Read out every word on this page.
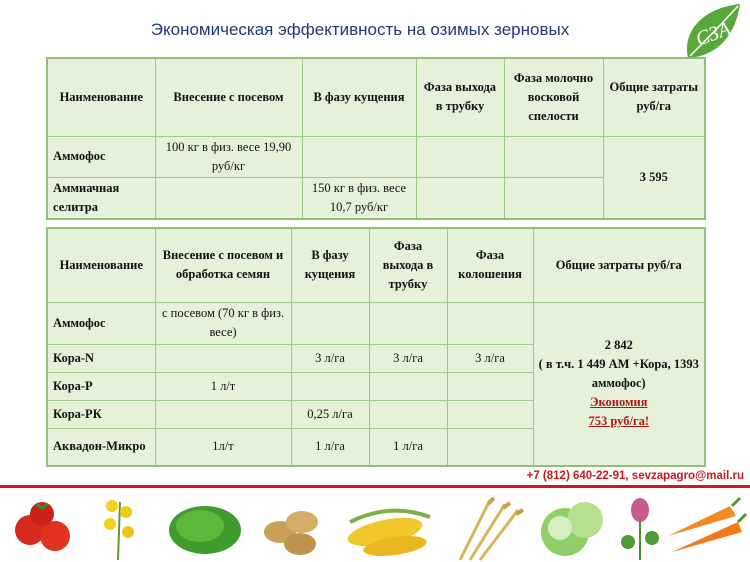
Экономическая эффективность на озимых зерновых	СЗА
Наименование	Внесение с посевом	В фазу кущения	Фаза выхода в трубку	Фаза молочно восковой спелости	Общие затраты руб/га
Аммофос	100 кг в физ. весе 19,90 руб/кг				3 595
Аммиачная селитра		150 кг в физ. весе 10,7 руб/кг			
Наименование	Внесение с посевом и обработка семян	В фазу кущения	Фаза выхода в трубку	Фаза колошения	Общие затраты руб/га
Аммофос	с посевом (70 кг в физ. весе)				2 842
( в т.ч. 1 449 АМ +Кора, 1393 аммофос)
Экономия
753 руб/га!

Кора-N		3 л/га	3 л/га	3 л/га	
Кора-Р	1 л/т				
Кора-РК		0,25 л/га			
Аквадон-Микро	1л/т	1 л/га	1 л/га		
+7 (812) 640-22-91, sevzapagro@mail.ru
